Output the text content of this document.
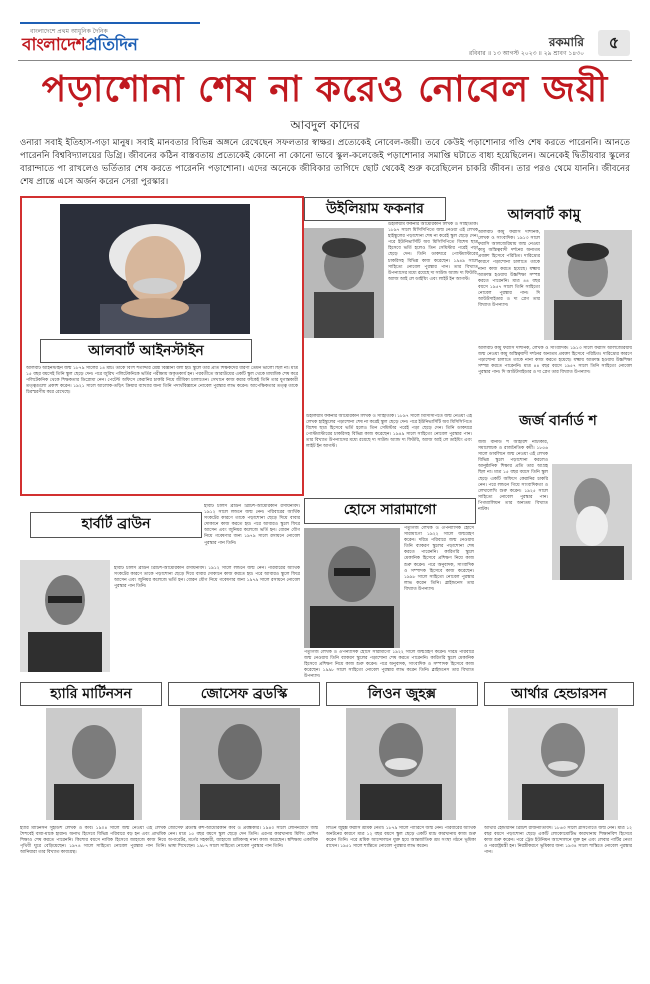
বাংলাদেশে প্রথম আধুনিক দৈনিক
বাংলাদেশপ্রতিদিন	রকমারি
রবিবার ॥ ১৩ আগস্ট ২০২৩ ॥ ২৯ শ্রাবণ ১৪৩০
৫
পড়াশোনা শেষ না করেও নোবেল জয়ী
আবদুল কাদের
ওনারা সবাই ইতিহাস-গড়া মানুষ। সবাই মানবতার বিভিন্ন অঙ্গনে রেখেছেন সফলতার স্বাক্ষর। প্রত্যেকেই নোবেল-জয়ী। তবে কেউই পড়াশোনার গণ্ডি শেষ করতে পারেননি। আনতে পারেননি বিশ্ববিদ্যালয়ের ডিগ্রি। জীবনের কঠিন বাস্তবতায় প্রত্যেকেই কোনো না কোনো ভাবে স্কুল-কলেজেই পড়াশোনার সমাপ্তি ঘটাতে বাধ্য হয়েছিলেন। অনেকেই দ্বিতীয়বার স্কুলের বারান্দাতে পা রাখলেও ভর্তিতার শেষ করতে পারেননি পড়াশোনা। এদের অনেকে জীবিকার তাগিদে ছোট থেকেই শুরু করেছিলেন চাকরি জীবন। তার পরও থেমে যাননি। জীবনের শেষ প্রান্তে এসে অর্জন করেন সেরা পুরস্কার।
আলবার্ট আইনস্টাইন
আলবার্ট আইনস্টাইন জন্ম ১৮৭৯ সালের ১৪ মার্চ। তাকে বিংশ শতাব্দীর শ্রেষ্ঠ বিজ্ঞানী বলা হয়। স্কুলে তার প্রতি শিক্ষকদের ধারণা তেমন ভালো ছিল না। মাত্র ১৫ বছর বয়সেই তিনি স্কুল ছেড়ে দেন। পরে জুরিখ পলিটেকনিকে ভর্তির পরীক্ষায় অকৃতকার্য হন। পরবর্তীতে আরাউয়ের একটি স্কুল থেকে মাধ্যমিক শেষ করে পলিটেকনিক থেকে শিক্ষকতার ডিপ্লোমা নেন। পেটেন্ট অফিসে কেরানির চাকরি নিয়ে জীবিকা চালাতেন। সেখানে কাজ করার ফাঁকেই তিনি তার যুগান্তকারী তত্ত্বগুলো প্রকাশ করেন। ১৯২১ সালে আলোক-তড়িৎ ক্রিয়ার ব্যাখ্যার জন্য তিনি পদার্থবিজ্ঞানে নোবেল পুরস্কার লাভ করেন। আপেক্ষিকতার তত্ত্ব তাকে চিরস্মরণীয় করে রেখেছে।
উইলিয়াম ফকনার
উইলিয়াম ফকনার আমেরিকান লিখক ও সাহিত্যিক। ১৮৯৭ সালে মিসিসিপিতে জন্ম নেওয়া এই লেখক হাইস্কুলের পড়াশোনা শেষ না করেই স্কুল ছেড়ে দেন। পরে ইউনিভার্সিটি অব মিসিসিপিতে বিশেষ ছাত্র হিসেবে ভর্তি হলেও তিন সেমিস্টার পরেই পড়া ছেড়ে দেন। তিনি ডাকঘরে পোস্টমাস্টারের চাকরিসহ বিভিন্ন কাজ করেছেন। ১৯৪৯ সালে সাহিত্যে নোবেল পুরস্কার পান। তার বিখ্যাত উপন্যাসের মধ্যে রয়েছে দ্য সাউন্ড অ্যান্ড দ্য ফিউরি, অ্যাজ আই লে ডাইয়িং এবং লাইট ইন আগস্ট।
আলবার্ট কামু
আলবার্ট কামু ফরাসি দার্শনিক, লেখক ও সাংবাদিক। ১৯১৩ সালে ফরাসি আলজেরিয়ায় জন্ম নেওয়া কামু অস্তিত্ববাদী দর্শনের অন্যতম প্রবক্তা হিসেবে পরিচিত। দারিদ্র্যের কারণে পড়াশোনা চালাতে তাকে নানা কাজ করতে হয়েছে। যক্ষ্মায় আক্রান্ত হওয়ায় উচ্চশিক্ষা সম্পন্ন করতে পারেননি। মাত্র ৪৪ বছর বয়সে ১৯৫৭ সালে তিনি সাহিত্যে নোবেল পুরস্কার পান। দি আউটসাইডার ও দ্য প্লেগ তার বিখ্যাত উপন্যাস।
উইলিয়াম ফকনার আমেরিকান লিখক ও সাহিত্যিক। ১৮৯৭ সালে মিসিসিপিতে জন্ম নেওয়া এই লেখক হাইস্কুলের পড়াশোনা শেষ না করেই স্কুল ছেড়ে দেন। পরে ইউনিভার্সিটি অব মিসিসিপিতে বিশেষ ছাত্র হিসেবে ভর্তি হলেও তিন সেমিস্টার পরেই পড়া ছেড়ে দেন। তিনি ডাকঘরে পোস্টমাস্টারের চাকরিসহ বিভিন্ন কাজ করেছেন। ১৯৪৯ সালে সাহিত্যে নোবেল পুরস্কার পান। তার বিখ্যাত উপন্যাসের মধ্যে রয়েছে দ্য সাউন্ড অ্যান্ড দ্য ফিউরি, অ্যাজ আই লে ডাইয়িং এবং লাইট ইন আগস্ট।
আলবার্ট কামু ফরাসি দার্শনিক, লেখক ও সাংবাদিক। ১৯১৩ সালে ফরাসি আলজেরিয়ায় জন্ম নেওয়া কামু অস্তিত্ববাদী দর্শনের অন্যতম প্রবক্তা হিসেবে পরিচিত। দারিদ্র্যের কারণে পড়াশোনা চালাতে তাকে নানা কাজ করতে হয়েছে। যক্ষ্মায় আক্রান্ত হওয়ায় উচ্চশিক্ষা সম্পন্ন করতে পারেননি। মাত্র ৪৪ বছর বয়সে ১৯৫৭ সালে তিনি সাহিত্যে নোবেল পুরস্কার পান। দি আউটসাইডার ও দ্য প্লেগ তার বিখ্যাত উপন্যাস।
হোসে সারামাগো
পর্তুগিজ লেখক ও ঔপন্যাসিক হোসে সারামাগো ১৯২২ সালে জন্মগ্রহণ করেন। দরিদ্র পরিবারে জন্ম নেওয়ায় তিনি ব্যাকরণ স্কুলের পড়াশোনা শেষ করতে পারেননি। কারিগরি স্কুলে মেকানিক হিসেবে প্রশিক্ষণ নিয়ে কাজ শুরু করেন। পরে অনুবাদক, সাংবাদিক ও সম্পাদক হিসেবে কাজ করেছেন। ১৯৯৮ সালে সাহিত্যে নোবেল পুরস্কার লাভ করেন তিনি। ব্লাইন্ডনেস তার বিখ্যাত উপন্যাস।
জর্জ বার্নার্ড শ
জর্জ বার্নার্ড শ আইরিশ নাট্যকার, সমালোচক ও রাজনৈতিক কর্মী। ১৮৫৬ সালে ডাবলিনে জন্ম নেওয়া এই লেখক বিভিন্ন স্কুলে পড়াশোনা করলেও আনুষ্ঠানিক শিক্ষার প্রতি তার আগ্রহ ছিল না। মাত্র ১৫ বছর বয়সে তিনি স্কুল ছেড়ে একটি অফিসে কেরানির চাকরি নেন। পরে লন্ডনে গিয়ে সাংবাদিকতা ও লেখালেখি শুরু করেন। ১৯২৫ সালে সাহিত্যে নোবেল পুরস্কার পান। পিগম্যালিয়ন তার অন্যতম বিখ্যাত নাটক।
পর্তুগিজ লেখক ও ঔপন্যাসিক হোসে সারামাগো ১৯২২ সালে জন্মগ্রহণ করেন। দরিদ্র পরিবারে জন্ম নেওয়ায় তিনি ব্যাকরণ স্কুলের পড়াশোনা শেষ করতে পারেননি। কারিগরি স্কুলে মেকানিক হিসেবে প্রশিক্ষণ নিয়ে কাজ শুরু করেন। পরে অনুবাদক, সাংবাদিক ও সম্পাদক হিসেবে কাজ করেছেন। ১৯৯৮ সালে সাহিত্যে নোবেল পুরস্কার লাভ করেন তিনি। ব্লাইন্ডনেস তার বিখ্যাত উপন্যাস।
হার্বার্ট ব্রাউন
হার্বার্ট চার্লস ব্রাউন ব্রিটিশ-আমেরিকান রসায়নবিদ। ১৯১২ সালে লন্ডনে জন্ম নেন। পরিবারের আর্থিক সংকটের কারণে তাকে পড়াশোনা ছেড়ে দিয়ে বাবার দোকানে কাজ করতে হয়। পরে আবারও স্কুলে ফিরে আসেন এবং জুনিয়র কলেজে ভর্তি হন। বোরন যৌগ নিয়ে গবেষণার জন্য ১৯৭৯ সালে রসায়নে নোবেল পুরস্কার পান তিনি।
হার্বার্ট চার্লস ব্রাউন ব্রিটিশ-আমেরিকান রসায়নবিদ। ১৯১২ সালে লন্ডনে জন্ম নেন। পরিবারের আর্থিক সংকটের কারণে তাকে পড়াশোনা ছেড়ে দিয়ে বাবার দোকানে কাজ করতে হয়। পরে আবারও স্কুলে ফিরে আসেন এবং জুনিয়র কলেজে ভর্তি হন। বোরন যৌগ নিয়ে গবেষণার জন্য ১৯৭৯ সালে রসায়নে নোবেল পুরস্কার পান তিনি।
হ্যারি মার্টিনসন	জোসেফ ব্রডস্কি	লিওন জুহক্স	আর্থার হেন্ডারসন
হ্যারি মার্টিনসন সুইডিশ লেখক ও কবি। ১৯০৪ সালে জন্ম নেওয়া এই লেখক শৈশবেই বাবা-মাকে হারান। অনাথ হিসেবে বিভিন্ন পরিবারে বড় হন এবং প্রাথমিক শিক্ষাও শেষ করতে পারেননি। কিশোর বয়সে নাবিক হিসেবে জাহাজে কাজ নিয়ে পৃথিবী ঘুরে বেড়িয়েছেন। ১৯৭৪ সালে সাহিত্যে নোবেল পুরস্কার পান তিনি। আনিয়ারা তার বিখ্যাত কাব্যগ্রন্থ।
জোসেফ ব্রডস্কি রুশ-আমেরিকান কবি ও প্রবন্ধকার। ১৯৪০ সালে লেনিনগ্রাদে জন্ম নেন। মাত্র ১৫ বছর বয়সে স্কুল ছেড়ে দেন তিনি। এরপর কারখানায় মিলিং মেশিন অপারেটর, মর্গের সহকারী, জাহাজে শ্রমিকসহ নানা কাজ করেছেন। স্বশিক্ষায় একাধিক ভাষা শিখেছেন। ১৯৮৭ সালে সাহিত্যে নোবেল পুরস্কার পান তিনি।
লিওন জুহক্স ফরাসি শ্রমিক নেতা। ১৮৭৯ সালে প্যারিসে জন্ম নেন। পরিবারের আর্থিক অনটনের কারণে মাত্র ১২ বছর বয়সে স্কুল ছেড়ে একটি ম্যাচ কারখানায় কাজ শুরু করেন তিনি। পরে শ্রমিক আন্দোলনে যুক্ত হয়ে আন্তর্জাতিক শ্রম সংস্থা গঠনে ভূমিকা রাখেন। ১৯৫১ সালে শান্তিতে নোবেল পুরস্কার লাভ করেন।
আর্থার হেন্ডারসন ব্রিটিশ রাজনীতিবিদ। ১৮৬৩ সালে গ্লাসগোতে জন্ম নেন। মাত্র ১২ বছর বয়সে পড়াশোনা ছেড়ে একটি লোকোমোটিভ কারখানায় শিক্ষানবিশ হিসেবে কাজ শুরু করেন। পরে ট্রেড ইউনিয়ন আন্দোলনে যুক্ত হন এবং লেবার পার্টির নেতা ও পররাষ্ট্রমন্ত্রী হন। নিরস্ত্রীকরণে ভূমিকার জন্য ১৯৩৪ সালে শান্তিতে নোবেল পুরস্কার পান।
